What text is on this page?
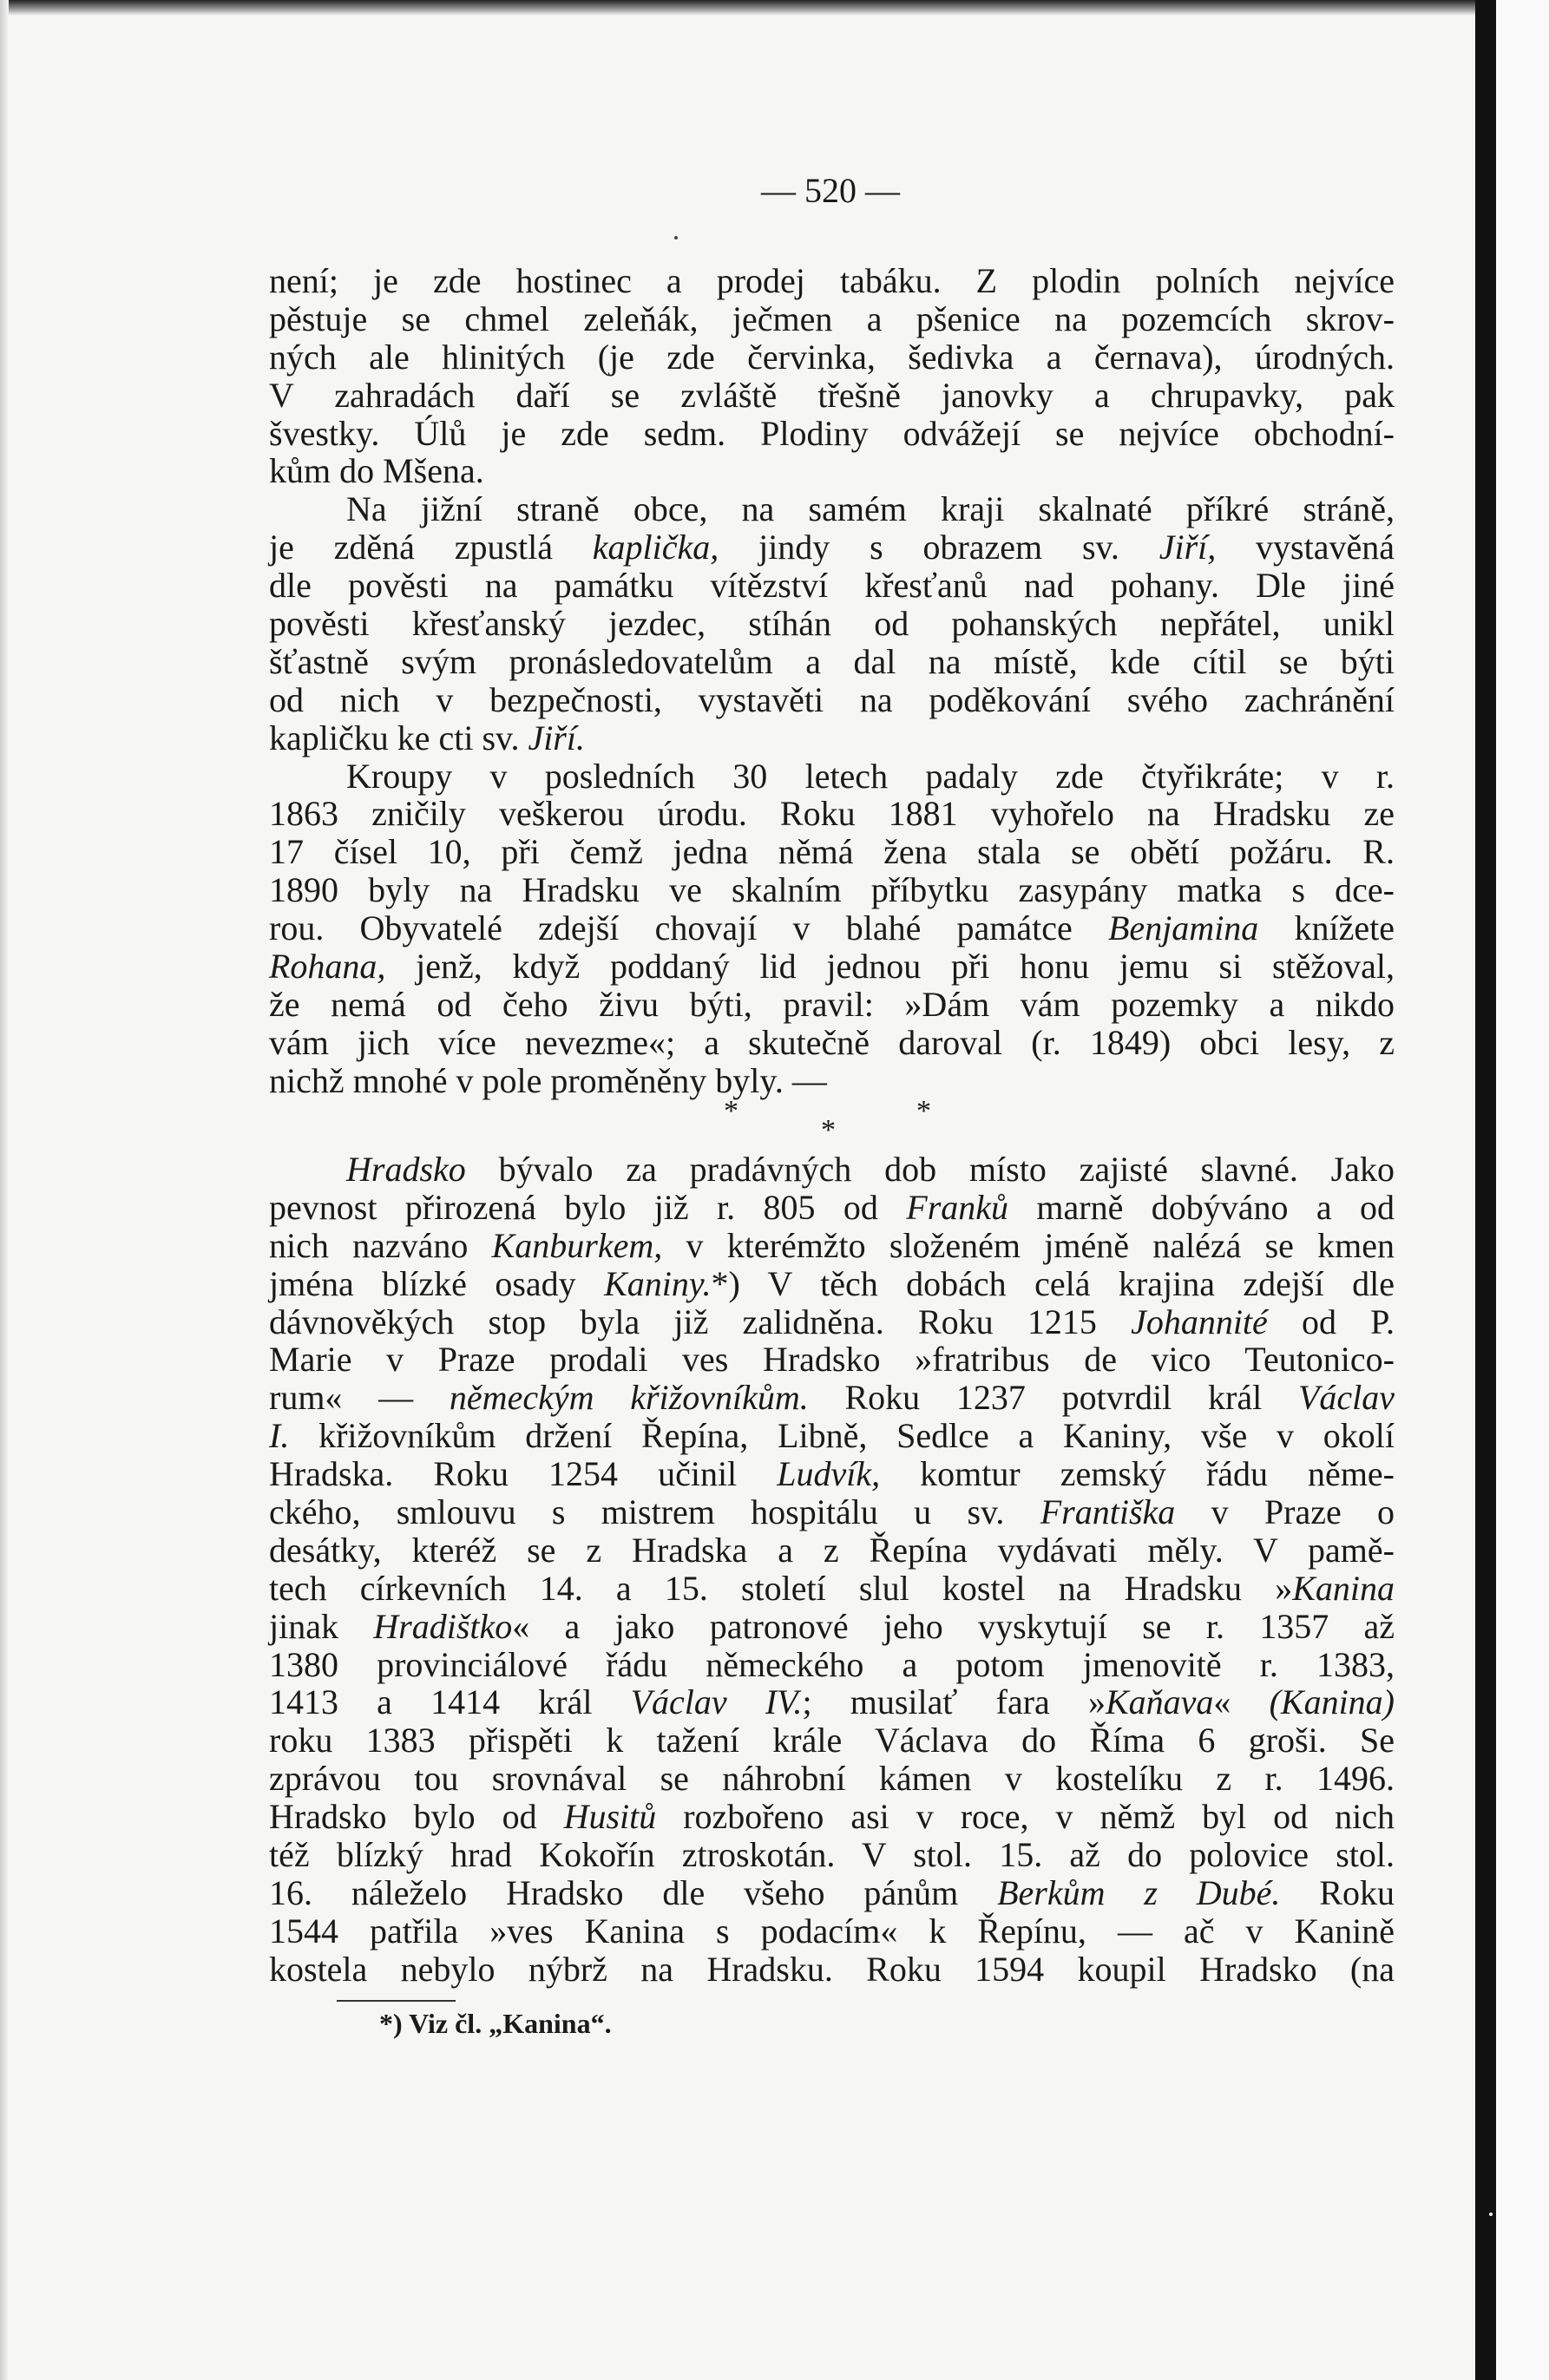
— 520 —
není; je zde hostinec a prodej tabáku. Z plodin polních nejvíce
pěstuje se chmel zeleňák, ječmen a pšenice na pozemcích skrov-
ných ale hlinitých (je zde červinka, šedivka a černava), úrodných.
V zahradách daří se zvláště třešně janovky a chrupavky, pak
švestky. Úlů je zde sedm. Plodiny odvážejí se nejvíce obchodní-
kům do Mšena.
Na jižní straně obce, na samém kraji skalnaté příkré stráně,
je zděná zpustlá kaplička, jindy s obrazem sv. Jiří, vystavěná
dle pověsti na památku vítězství křesťanů nad pohany. Dle jiné
pověsti křesťanský jezdec, stíhán od pohanských nepřátel, unikl
šťastně svým pronásledovatelům a dal na místě, kde cítil se býti
od nich v bezpečnosti, vystavěti na poděkování svého zachránění
kapličku ke cti sv. Jiří.
Kroupy v posledních 30 letech padaly zde čtyřikráte; v r.
1863 zničily veškerou úrodu. Roku 1881 vyhořelo na Hradsku ze
17 čísel 10, při čemž jedna němá žena stala se obětí požáru. R.
1890 byly na Hradsku ve skalním příbytku zasypány matka s dce-
rou. Obyvatelé zdejší chovají v blahé památce Benjamina knížete
Rohana, jenž, když poddaný lid jednou při honu jemu si stěžoval,
že nemá od čeho živu býti, pravil: »Dám vám pozemky a nikdo
vám jich více nevezme«; a skutečně daroval (r. 1849) obci lesy, z
nichž mnohé v pole proměněny byly. —
*	*
*
Hradsko bývalo za pradávných dob místo zajisté slavné. Jako
pevnost přirozená bylo již r. 805 od Franků marně dobýváno a od
nich nazváno Kanburkem, v kterémžto složeném jméně nalézá se kmen
jména blízké osady Kaniny.*) V těch dobách celá krajina zdejší dle
dávnověkých stop byla již zalidněna. Roku 1215 Johannité od P.
Marie v Praze prodali ves Hradsko »fratribus de vico Teutonico-
rum« — německým křižovníkům. Roku 1237 potvrdil král Václav
I. křižovníkům držení Řepína, Libně, Sedlce a Kaniny, vše v okolí
Hradska. Roku 1254 učinil Ludvík, komtur zemský řádu něme-
ckého, smlouvu s mistrem hospitálu u sv. Františka v Praze o
desátky, kteréž se z Hradska a z Řepína vydávati měly. V pamě-
tech církevních 14. a 15. století slul kostel na Hradsku »Kanina
jinak Hradištko« a jako patronové jeho vyskytují se r. 1357 až
1380 provinciálové řádu německého a potom jmenovitě r. 1383,
1413 a 1414 král Václav IV.; musilať fara »Kaňava« (Kanina)
roku 1383 přispěti k tažení krále Václava do Říma 6 groši. Se
zprávou tou srovnával se náhrobní kámen v kostelíku z r. 1496.
Hradsko bylo od Husitů rozbořeno asi v roce, v němž byl od nich
též blízký hrad Kokořín ztroskotán. V stol. 15. až do polovice stol.
16. náleželo Hradsko dle všeho pánům Berkům z Dubé. Roku
1544 patřila »ves Kanina s podacím« k Řepínu, — ač v Kanině
kostela nebylo nýbrž na Hradsku. Roku 1594 koupil Hradsko (na
*) Viz čl. „Kanina“.
